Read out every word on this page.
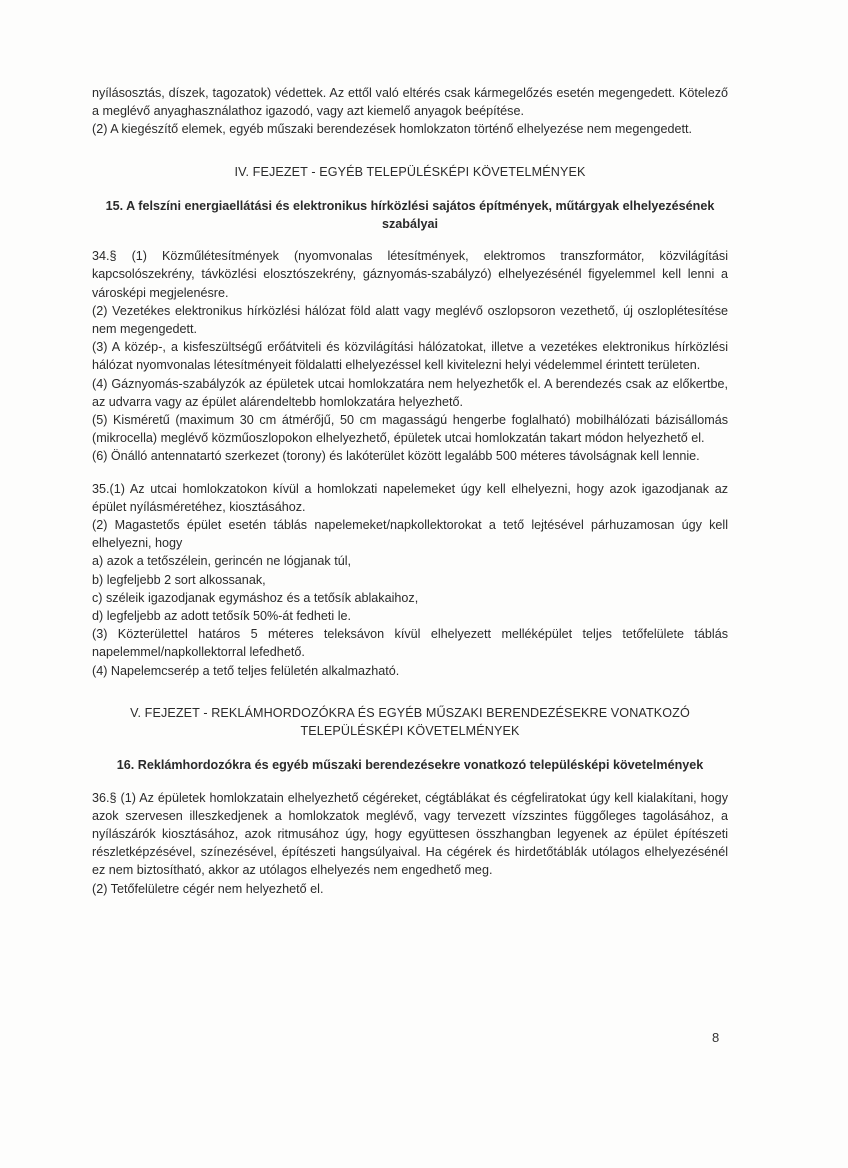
nyílásosztás, díszek, tagozatok) védettek. Az ettől való eltérés csak kármegelőzés esetén megengedett. Kötelező a meglévő anyaghasználathoz igazodó, vagy azt kiemelő anyagok beépítése.

(2) A kiegészítő elemek, egyéb műszaki berendezések homlokzaton történő elhelyezése nem megengedett.

IV. FEJEZET - EGYÉB TELEPÜLÉSKÉPI KÖVETELMÉNYEK

15. A felszíni energiaellátási és elektronikus hírközlési sajátos építmények, műtárgyak elhelyezésének szabályai

34.§ (1) Közműlétesítmények (nyomvonalas létesítmények, elektromos transzformátor, közvilágítási kapcsolószekrény, távközlési elosztószekrény, gáznyomás-szabályzó) elhelyezésénél figyelemmel kell lenni a városképi megjelenésre.

(2) Vezetékes elektronikus hírközlési hálózat föld alatt vagy meglévő oszlopsoron vezethető, új oszloplétesítése nem megengedett.

(3) A közép-, a kisfeszültségű erőátviteli és közvilágítási hálózatokat, illetve a vezetékes elektronikus hírközlési hálózat nyomvonalas létesítményeit földalatti elhelyezéssel kell kivitelezni helyi védelemmel érintett területen.

(4) Gáznyomás-szabályzók az épületek utcai homlokzatára nem helyezhetők el. A berendezés csak az előkertbe, az udvarra vagy az épület alárendeltebb homlokzatára helyezhető.

(5) Kisméretű (maximum 30 cm átmérőjű, 50 cm magasságú hengerbe foglalható) mobilhálózati bázisállomás (mikrocella) meglévő közműoszlopokon elhelyezhető, épületek utcai homlokzatán takart módon helyezhető el.

(6) Önálló antennatartó szerkezet (torony) és lakóterület között legalább 500 méteres távolságnak kell lennie.

35.(1) Az utcai homlokzatokon kívül a homlokzati napelemeket úgy kell elhelyezni, hogy azok igazodjanak az épület nyílásméretéhez, kiosztásához.

(2) Magastetős épület esetén táblás napelemeket/napkollektorokat a tető lejtésével párhuzamosan úgy kell elhelyezni, hogy

a) azok a tetőszélein, gerincén ne lógjanak túl,
b) legfeljebb 2 sort alkossanak,
c) széleik igazodjanak egymáshoz és a tetősík ablakaihoz,
d) legfeljebb az adott tetősík 50%-át fedheti le.

(3) Közterülettel határos 5 méteres teleksávon kívül elhelyezett melléképület teljes tetőfelülete táblás napelemmel/napkollektorral lefedhető.

(4) Napelemcserép a tető teljes felületén alkalmazható.

V. FEJEZET - REKLÁMHORDOZÓKRA ÉS EGYÉB MŰSZAKI BERENDEZÉSEKRE VONATKOZÓ

TELEPÜLÉSKÉPI KÖVETELMÉNYEK

16. Reklámhordozókra és egyéb műszaki berendezésekre vonatkozó településképi követelmények

36.§ (1) Az épületek homlokzatain elhelyezhető cégéreket, cégtáblákat és cégfeliratokat úgy kell kialakítani, hogy azok szervesen illeszkedjenek a homlokzatok meglévő, vagy tervezett vízszintes függőleges tagolásához, a nyílászárók kiosztásához, azok ritmusához úgy, hogy együttesen összhangban legyenek az épület építészeti részletképzésével, színezésével, építészeti hangsúlyaival. Ha cégérek és hirdetőtáblák utólagos elhelyezésénél ez nem biztosítható, akkor az utólagos elhelyezés nem engedhető meg.

(2) Tetőfelületre cégér nem helyezhető el.

8
